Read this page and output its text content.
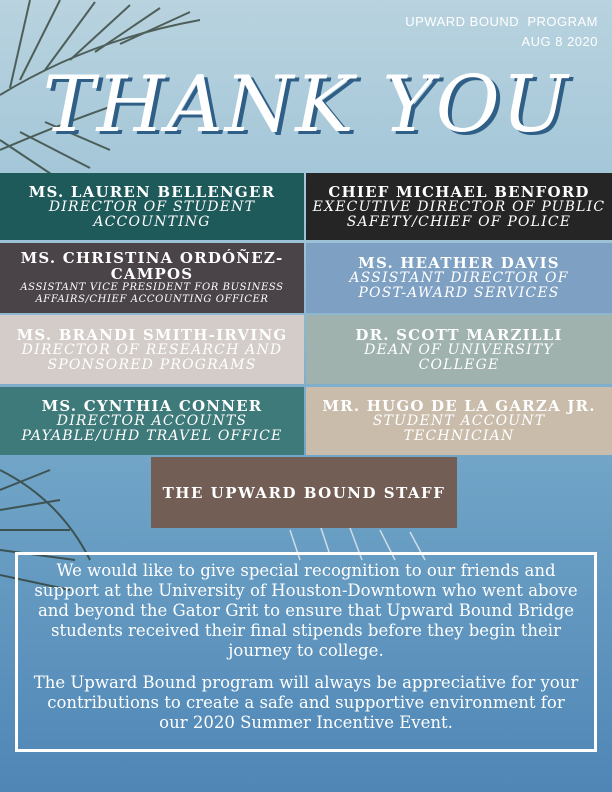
UPWARD BOUND  PROGRAM
AUG 8 2020
THANK YOU
MS. LAUREN BELLENGER
DIRECTOR OF STUDENT ACCOUNTING
CHIEF MICHAEL BENFORD
EXECUTIVE DIRECTOR OF PUBLIC SAFETY/CHIEF OF POLICE
MS. CHRISTINA ORDÓÑEZ-CAMPOS
ASSISTANT VICE PRESIDENT FOR BUSINESS AFFAIRS/CHIEF ACCOUNTING OFFICER
MS. HEATHER DAVIS
ASSISTANT DIRECTOR OF POST-AWARD SERVICES
MS. BRANDI SMITH-IRVING
DIRECTOR OF RESEARCH AND SPONSORED PROGRAMS
DR. SCOTT MARZILLI
DEAN OF UNIVERSITY COLLEGE
MS. CYNTHIA CONNER
DIRECTOR ACCOUNTS PAYABLE/UHD TRAVEL OFFICE
MR. HUGO DE LA GARZA JR.
STUDENT ACCOUNT TECHNICIAN
THE UPWARD BOUND STAFF

We would like to give special recognition to our friends and support at the University of Houston-Downtown who went above and beyond the Gator Grit to ensure that Upward Bound Bridge students received their final stipends before they begin their journey to college.

The Upward Bound program will always be appreciative for your contributions to create a safe and supportive environment for our 2020 Summer Incentive Event.
